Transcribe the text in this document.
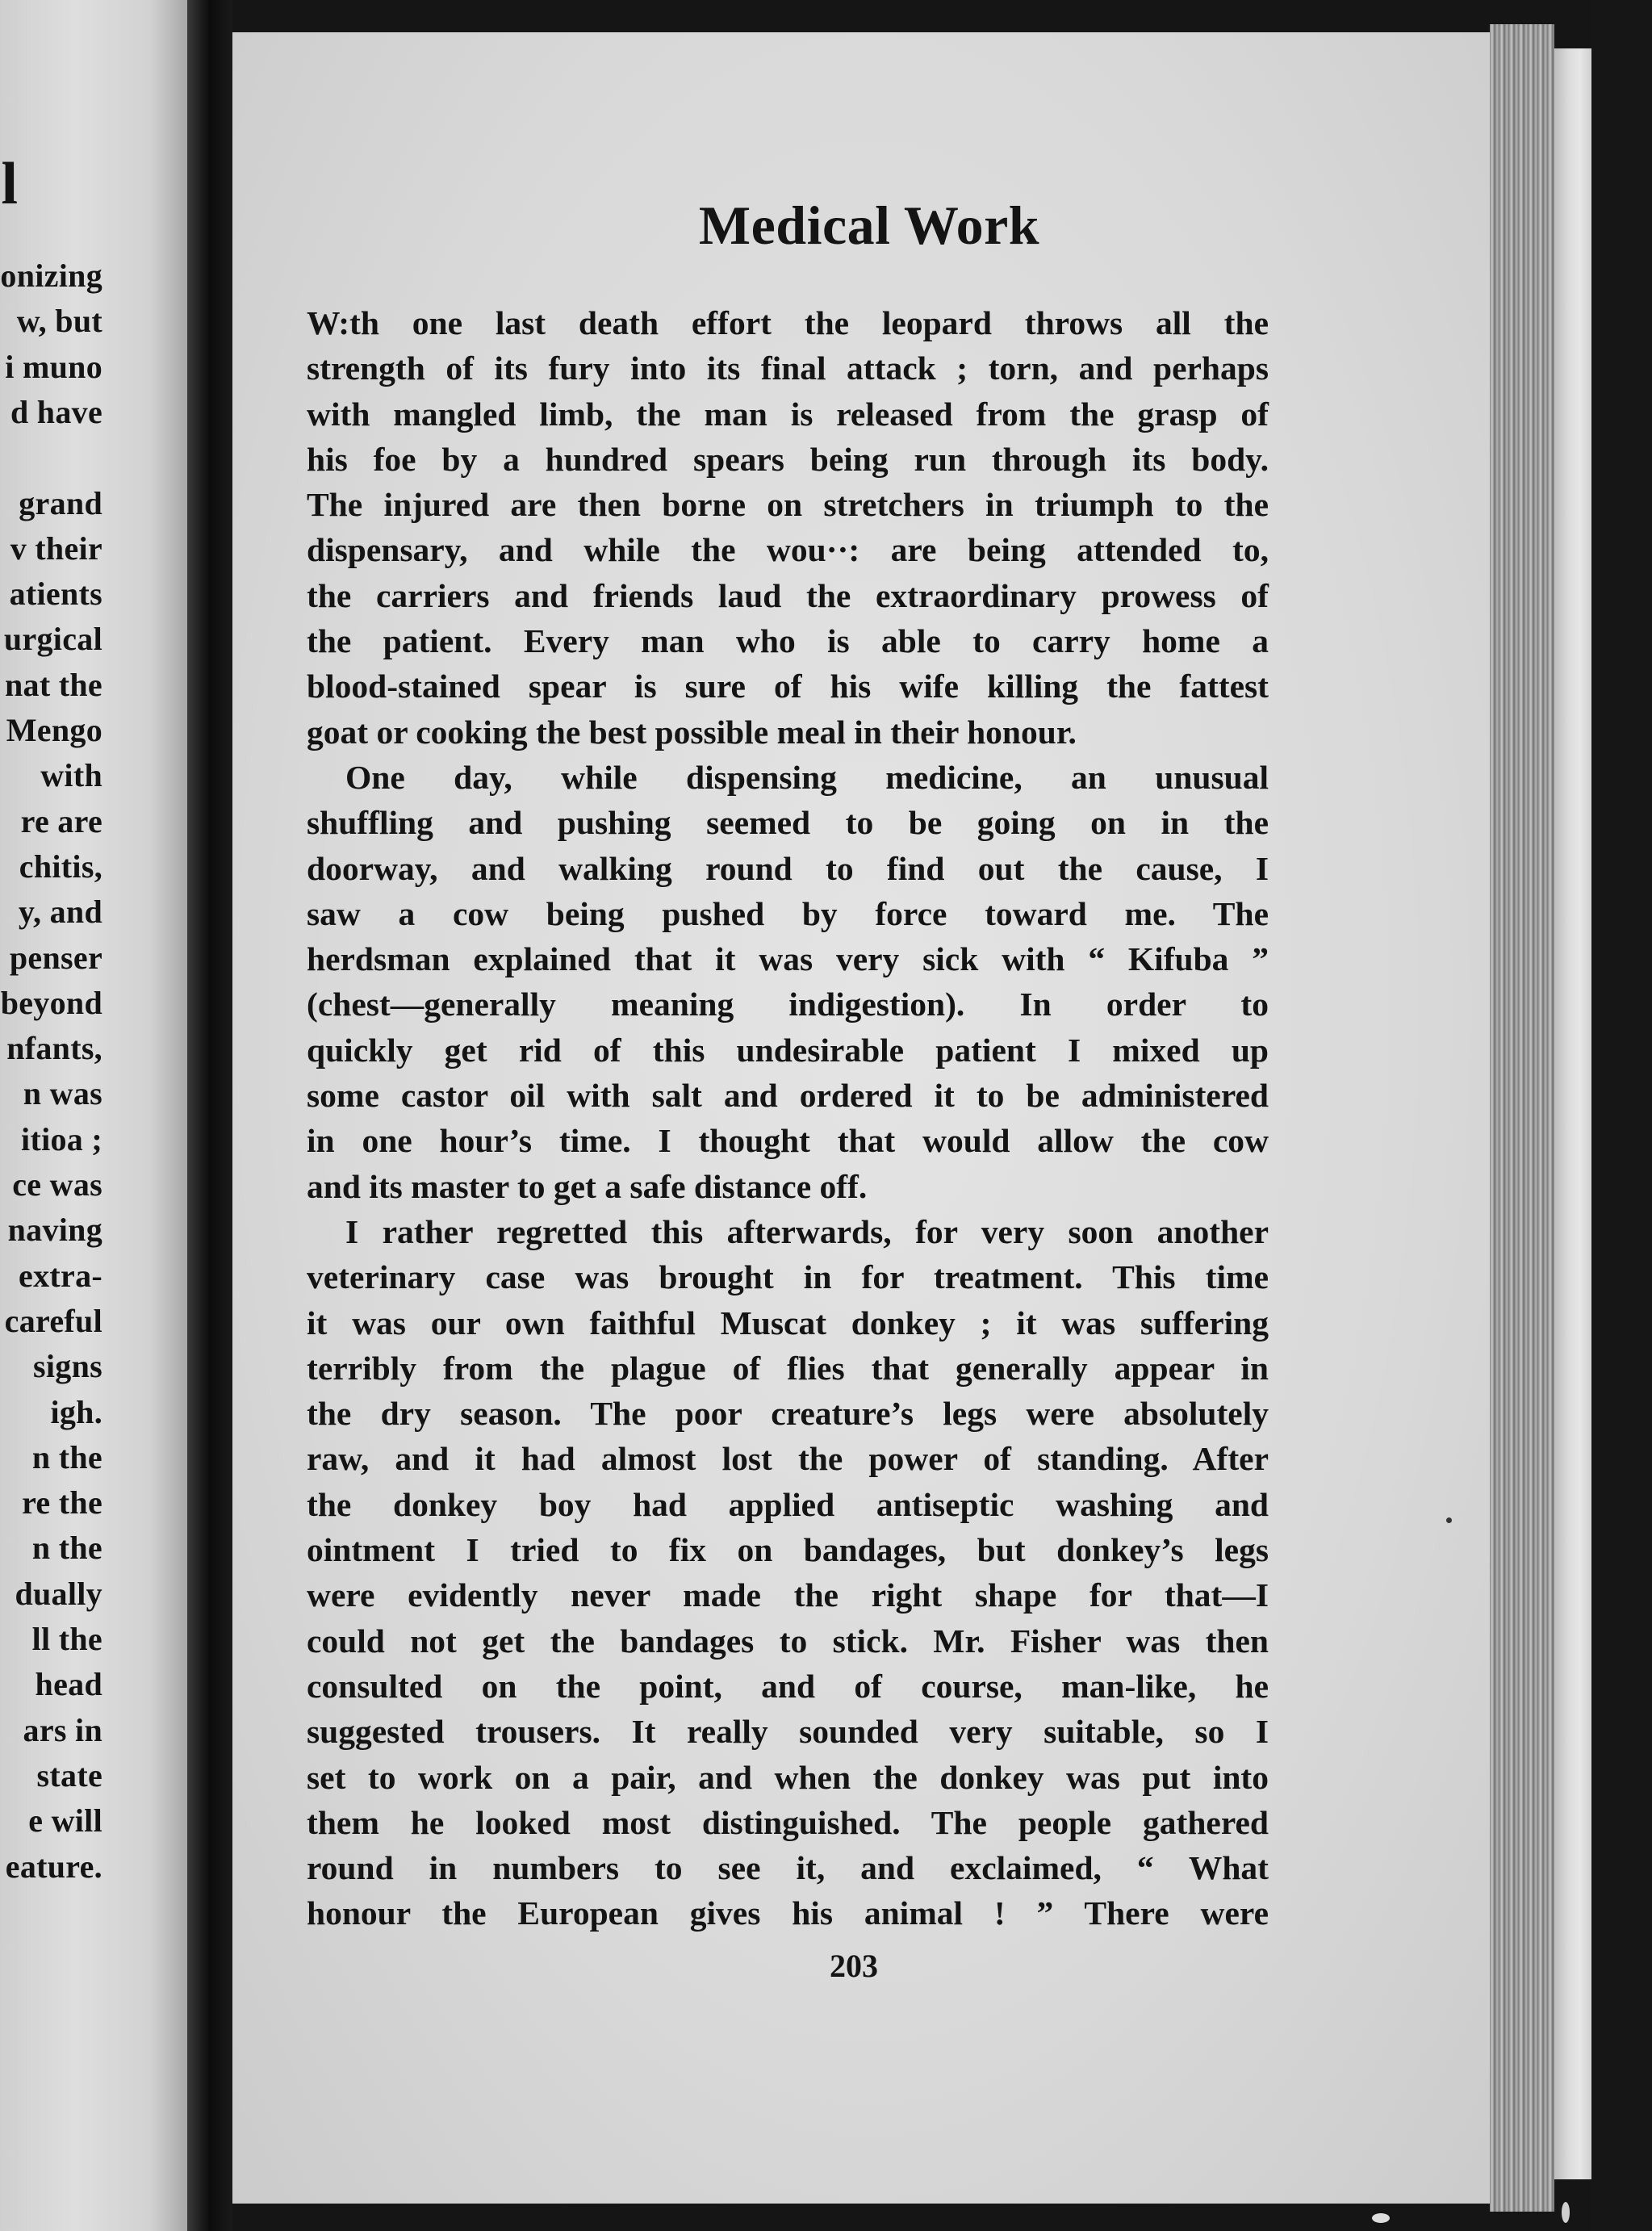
l
onizing
w, but
i muno
d have
grand
v their
atients
urgical
nat the
Mengo
with
re are
chitis,
y, and
penser
beyond
nfants,
n was
itioa ;
ce was
naving
extra-
careful
signs
igh.
n the
re the
n the
dually
ll the
head
ars in
state
e will
eature.
Medical Work
W:th one last death effort the leopard throws all the
strength of its fury into its final attack ; torn, and perhaps
with mangled limb, the man is released from the grasp of
his foe by a hundred spears being run through its body.
The injured are then borne on stretchers in triumph to the
dispensary, and while the wou··: are being attended to,
the carriers and friends laud the extraordinary prowess of
the patient. Every man who is able to carry home a
blood-stained spear is sure of his wife killing the fattest
goat or cooking the best possible meal in their honour.
One day, while dispensing medicine, an unusual
shuffling and pushing seemed to be going on in the
doorway, and walking round to find out the cause, I
saw a cow being pushed by force toward me. The
herdsman explained that it was very sick with “ Kifuba ”
(chest—generally meaning indigestion). In order to
quickly get rid of this undesirable patient I mixed up
some castor oil with salt and ordered it to be administered
in one hour’s time. I thought that would allow the cow
and its master to get a safe distance off.
I rather regretted this afterwards, for very soon another
veterinary case was brought in for treatment. This time
it was our own faithful Muscat donkey ; it was suffering
terribly from the plague of flies that generally appear in
the dry season. The poor creature’s legs were absolutely
raw, and it had almost lost the power of standing. After
the donkey boy had applied antiseptic washing and
ointment I tried to fix on bandages, but donkey’s legs
were evidently never made the right shape for that—I
could not get the bandages to stick. Mr. Fisher was then
consulted on the point, and of course, man-like, he
suggested trousers. It really sounded very suitable, so I
set to work on a pair, and when the donkey was put into
them he looked most distinguished. The people gathered
round in numbers to see it, and exclaimed, “ What
honour the European gives his animal ! ” There were
203
